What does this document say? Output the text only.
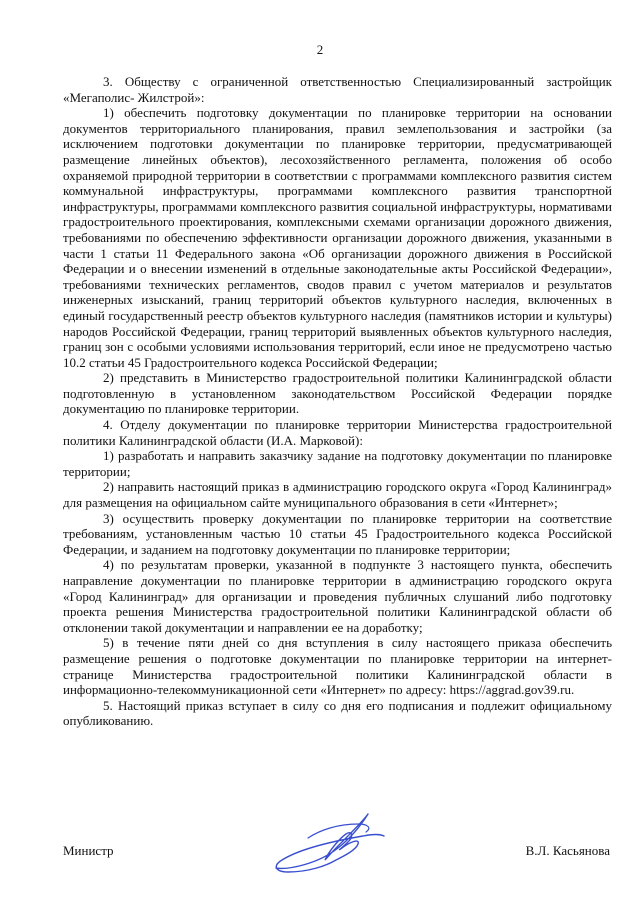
2

3. Обществу с ограниченной ответственностью Специализированный застройщик «Мегаполис- Жилстрой»:

1) обеспечить подготовку документации по планировке территории на основании документов территориального планирования, правил землепользования и застройки (за исключением подготовки документации по планировке территории, предусматривающей размещение линейных объектов), лесохозяйственного регламента, положения об особо охраняемой природной территории в соответствии с программами комплексного развития систем коммунальной инфраструктуры, программами комплексного развития транспортной инфраструктуры, программами комплексного развития социальной инфраструктуры, нормативами градостроительного проектирования, комплексными схемами организации дорожного движения, требованиями по обеспечению эффективности организации дорожного движения, указанными в части 1 статьи 11 Федерального закона «Об организации дорожного движения в Российской Федерации и о внесении изменений в отдельные законодательные акты Российской Федерации», требованиями технических регламентов, сводов правил с учетом материалов и результатов инженерных изысканий, границ территорий объектов культурного наследия, включенных в единый государственный реестр объектов культурного наследия (памятников истории и культуры) народов Российской Федерации, границ территорий выявленных объектов культурного наследия, границ зон с особыми условиями использования территорий, если иное не предусмотрено частью 10.2 статьи 45 Градостроительного кодекса Российской Федерации;

2) представить в Министерство градостроительной политики Калининградской области подготовленную в установленном законодательством Российской Федерации порядке документацию по планировке территории.

4. Отделу документации по планировке территории Министерства градостроительной политики Калининградской области (И.А. Марковой):

1) разработать и направить заказчику задание на подготовку документации по планировке территории;

2) направить настоящий приказ в администрацию городского округа «Город Калининград» для размещения на официальном сайте муниципального образования в сети «Интернет»;

3) осуществить проверку документации по планировке территории на соответствие требованиям, установленным частью 10 статьи 45 Градостроительного кодекса Российской Федерации, и заданием на подготовку документации по планировке территории;

4) по результатам проверки, указанной в подпункте 3 настоящего пункта, обеспечить направление документации по планировке территории в администрацию городского округа «Город Калининград» для организации и проведения публичных слушаний либо подготовку проекта решения Министерства градостроительной политики Калининградской области об отклонении такой документации и направлении ее на доработку;

5) в течение пяти дней со дня вступления в силу настоящего приказа обеспечить размещение решения о подготовке документации по планировке территории на интернет-странице Министерства градостроительной политики Калининградской области в информационно-телекоммуникационной сети «Интернет» по адресу: https://aggrad.gov39.ru.

5. Настоящий приказ вступает в силу со дня его подписания и подлежит официальному опубликованию.

Министр	В.Л. Касьянова
